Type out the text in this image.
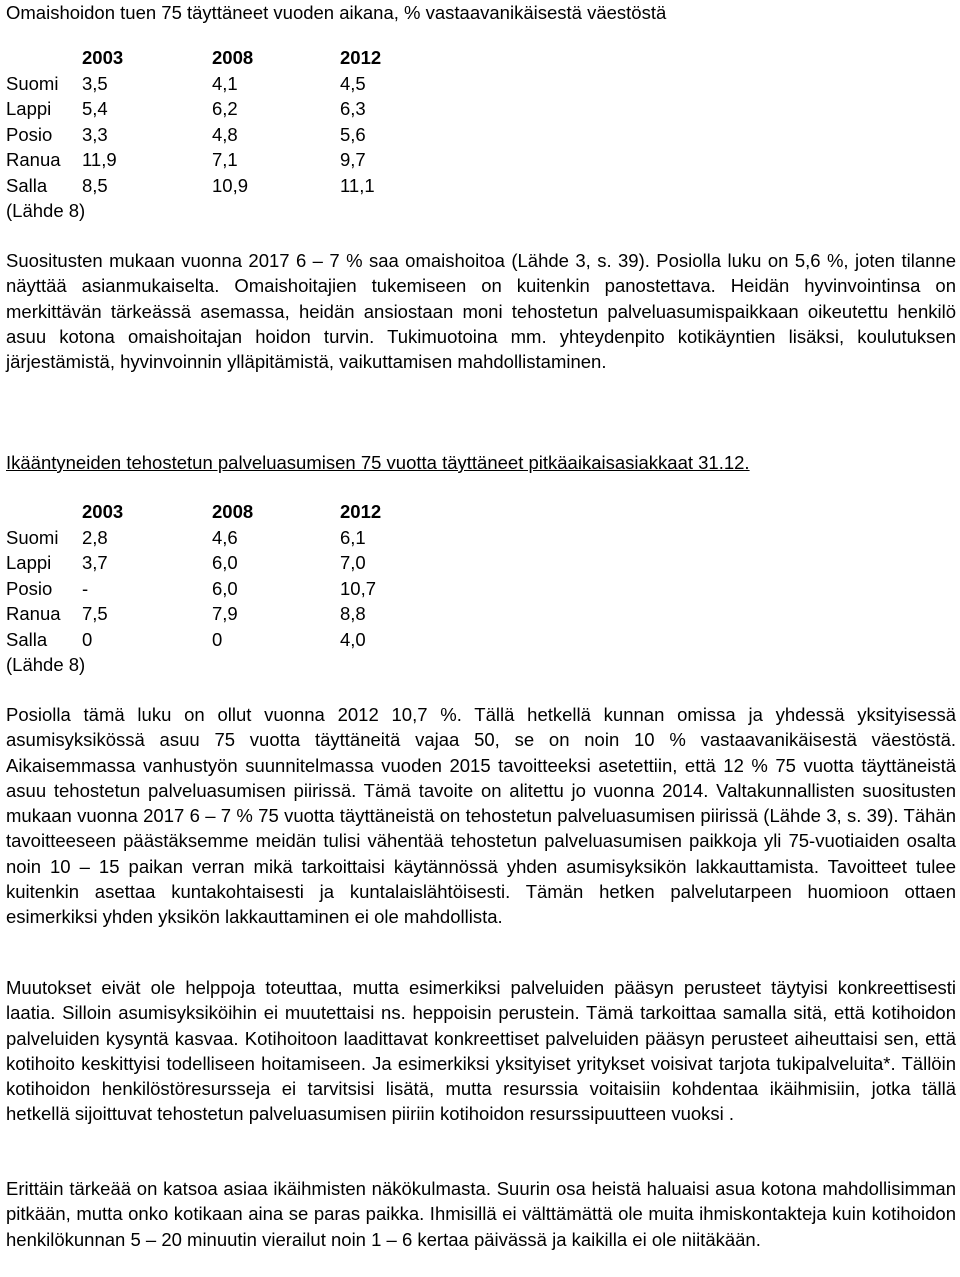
Omaishoidon tuen 75 täyttäneet vuoden aikana, % vastaavanikäisestä väestöstä
	2003	2008	2012
Suomi	3,5	4,1	4,5
Lappi	5,4	6,2	6,3
Posio	3,3	4,8	5,6
Ranua	11,9	7,1	9,7
Salla	8,5	10,9	11,1
(Lähde 8)			

Suositusten mukaan vuonna 2017 6 – 7 % saa omaishoitoa (Lähde 3, s. 39). Posiolla luku on 5,6 %, joten tilanne näyttää asianmukaiselta. Omaishoitajien tukemiseen on kuitenkin panostettava. Heidän hyvinvointinsa on merkittävän tärkeässä asemassa, heidän ansiostaan moni tehostetun palveluasumispaikkaan oikeutettu henkilö asuu kotona omaishoitajan hoidon turvin. Tukimuotoina mm. yhteydenpito kotikäyntien lisäksi, koulutuksen järjestämistä, hyvinvoinnin ylläpitämistä, vaikuttamisen mahdollistaminen.

Ikääntyneiden tehostetun palveluasumisen 75 vuotta täyttäneet pitkäaikaisasiakkaat 31.12.
	2003	2008	2012
Suomi	2,8	4,6	6,1
Lappi	3,7	6,0	7,0
Posio	-	6,0	10,7
Ranua	7,5	7,9	8,8
Salla	0	0	4,0
(Lähde 8)			

Posiolla tämä luku on ollut vuonna 2012 10,7 %. Tällä hetkellä kunnan omissa ja yhdessä yksityisessä asumisyksikössä asuu 75 vuotta täyttäneitä vajaa 50, se on noin 10 % vastaavanikäisestä väestöstä. Aikaisemmassa vanhustyön suunnitelmassa vuoden 2015 tavoitteeksi asetettiin, että 12 % 75 vuotta täyttäneistä asuu tehostetun palveluasumisen piirissä. Tämä tavoite on alitettu jo vuonna 2014. Valtakunnallisten suositusten mukaan vuonna 2017 6 – 7 % 75 vuotta täyttäneistä on tehostetun palveluasumisen piirissä (Lähde 3, s. 39). Tähän tavoitteeseen päästäksemme meidän tulisi vähentää tehostetun palveluasumisen paikkoja yli 75-vuotiaiden osalta noin 10 – 15 paikan verran mikä tarkoittaisi käytännössä yhden asumisyksikön lakkauttamista. Tavoitteet tulee kuitenkin asettaa kuntakohtaisesti ja kuntalaislähtöisesti. Tämän hetken palvelutarpeen huomioon ottaen esimerkiksi yhden yksikön lakkauttaminen ei ole mahdollista.

Muutokset eivät ole helppoja toteuttaa, mutta esimerkiksi palveluiden pääsyn perusteet täytyisi konkreettisesti laatia. Silloin asumisyksiköihin ei muutettaisi ns. heppoisin perustein. Tämä tarkoittaa samalla sitä, että kotihoidon palveluiden kysyntä kasvaa. Kotihoitoon laadittavat konkreettiset palveluiden pääsyn perusteet aiheuttaisi sen, että kotihoito keskittyisi todelliseen hoitamiseen. Ja esimerkiksi yksityiset yritykset voisivat tarjota tukipalveluita*. Tällöin kotihoidon henkilöstöresursseja ei tarvitsisi lisätä, mutta resurssia voitaisiin kohdentaa ikäihmisiin, jotka tällä hetkellä sijoittuvat tehostetun palveluasumisen piiriin kotihoidon resurssipuutteen vuoksi .

Erittäin tärkeää on katsoa asiaa ikäihmisten näkökulmasta. Suurin osa heistä haluaisi asua kotona mahdollisimman pitkään, mutta onko kotikaan aina se paras paikka. Ihmisillä ei välttämättä ole muita ihmiskontakteja kuin kotihoidon henkilökunnan 5 – 20 minuutin vierailut noin 1 – 6 kertaa päivässä ja kaikilla ei ole niitäkään.
